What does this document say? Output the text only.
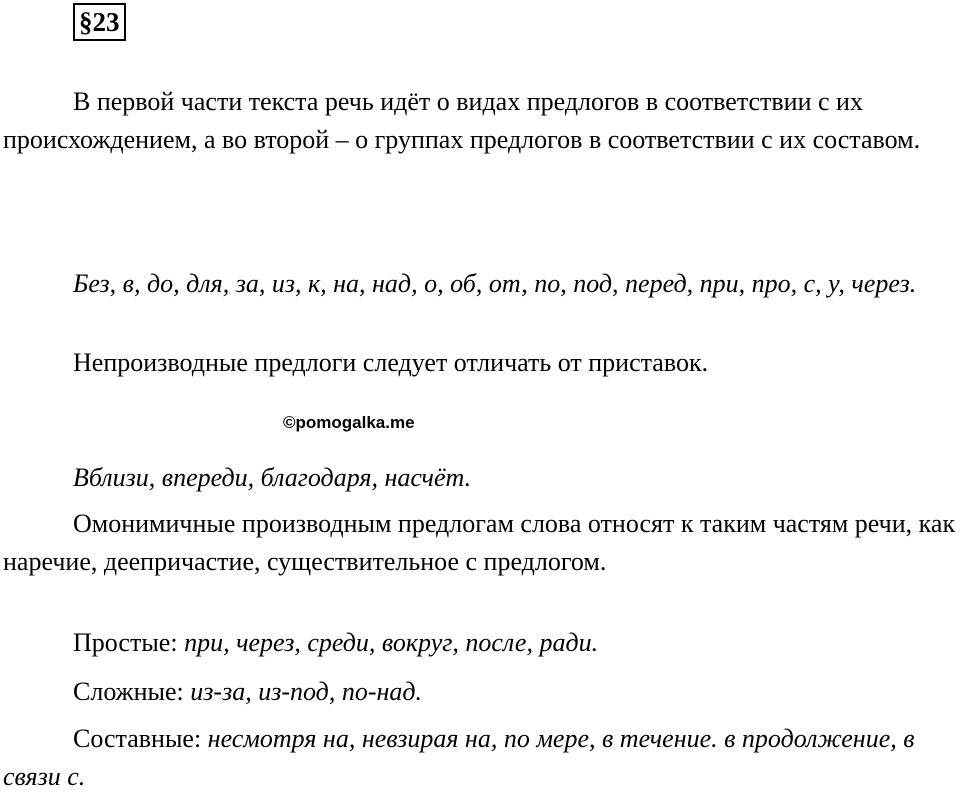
§23

В первой части текста речь идёт о видах предлогов в соответствии с их происхождением, а во второй – о группах предлогов в соответствии с их составом.

Без, в, до, для, за, из, к, на, над, о, об, от, по, под, перед, при, про, с, у, через.

Непроизводные предлоги следует отличать от приставок.

©pomogalka.me

Вблизи, впереди, благодаря, насчёт.

Омонимичные производным предлогам слова относят к таким частям речи, как наречие, деепричастие, существительное с предлогом.

Простые: при, через, среди, вокруг, после, ради.

Сложные: из-за, из-под, по-над.

Составные: несмотря на, невзирая на, по мере, в течение. в продолжение, в связи с.
